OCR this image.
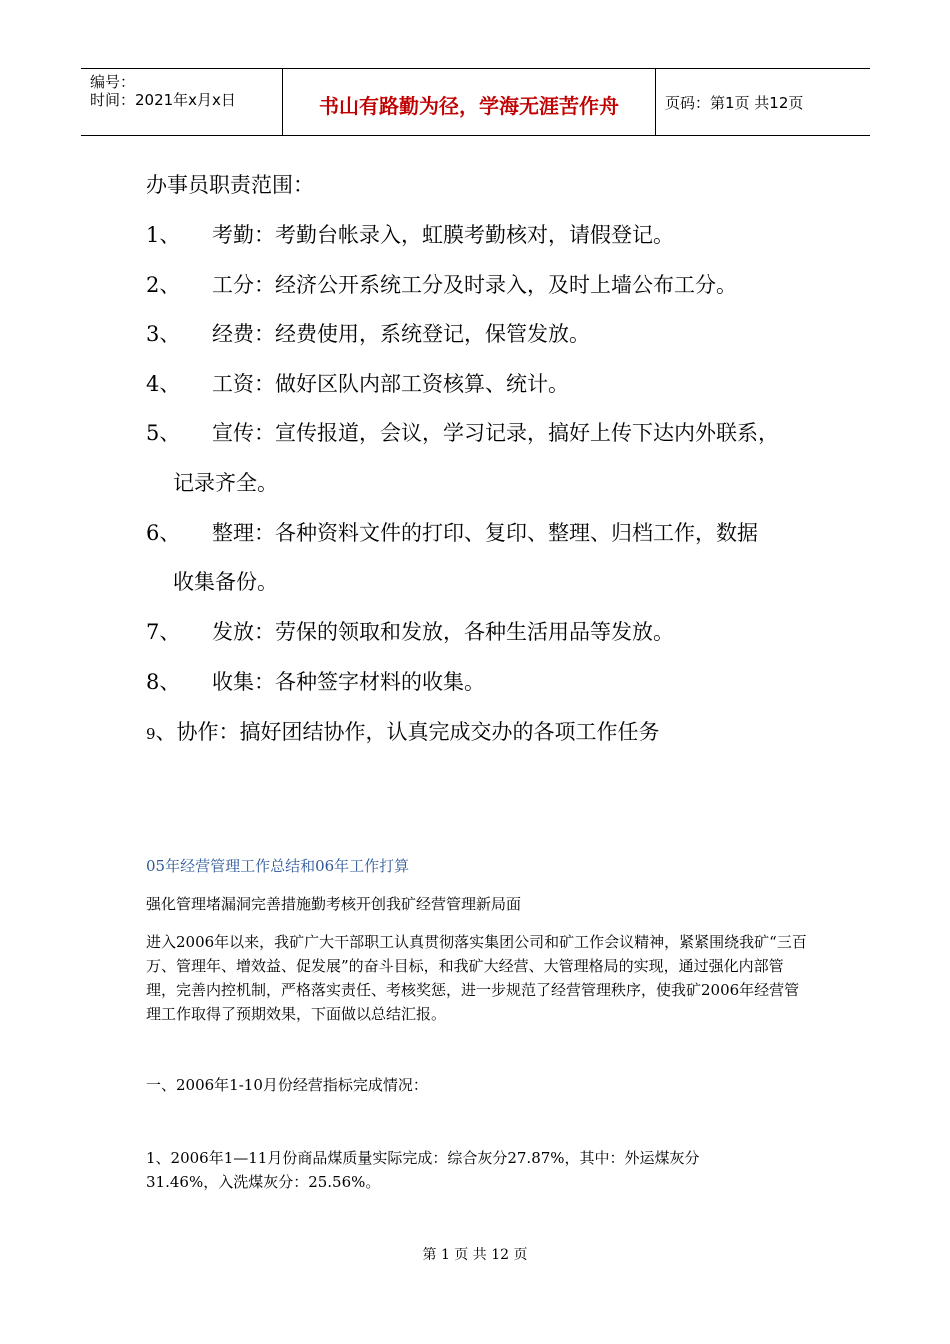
编号：
时间：2021年x月x日	书山有路勤为径，学海无涯苦作舟	页码：第1页 共12页
办事员职责范围：
1、 考勤：考勤台帐录入，虹膜考勤核对，请假登记。
2、 工分：经济公开系统工分及时录入，及时上墙公布工分。
3、 经费：经费使用，系统登记，保管发放。
4、 工资：做好区队内部工资核算、统计。
5、 宣传：宣传报道，会议，学习记录，搞好上传下达内外联系，
记录齐全。
6、 整理：各种资料文件的打印、复印、整理、归档工作，数据
收集备份。
7、 发放：劳保的领取和发放，各种生活用品等发放。
8、 收集：各种签字材料的收集。
9、协作：搞好团结协作，认真完成交办的各项工作任务
05年经营管理工作总结和06年工作打算
强化管理堵漏洞完善措施勤考核开创我矿经营管理新局面
进入2006年以来，我矿广大干部职工认真贯彻落实集团公司和矿工作会议精神，紧紧围绕我矿“三百万、管理年、增效益、促发展”的奋斗目标，和我矿大经营、大管理格局的实现，通过强化内部管理，完善内控机制，严格落实责任、考核奖惩，进一步规范了经营管理秩序，使我矿2006年经营管理工作取得了预期效果，下面做以总结汇报。
一、2006年1-10月份经营指标完成情况：
1、2006年1—11月份商品煤质量实际完成：综合灰分27.87%，其中：外运煤灰分
31.46%，入洗煤灰分：25.56%。
第 1 页 共 12 页
